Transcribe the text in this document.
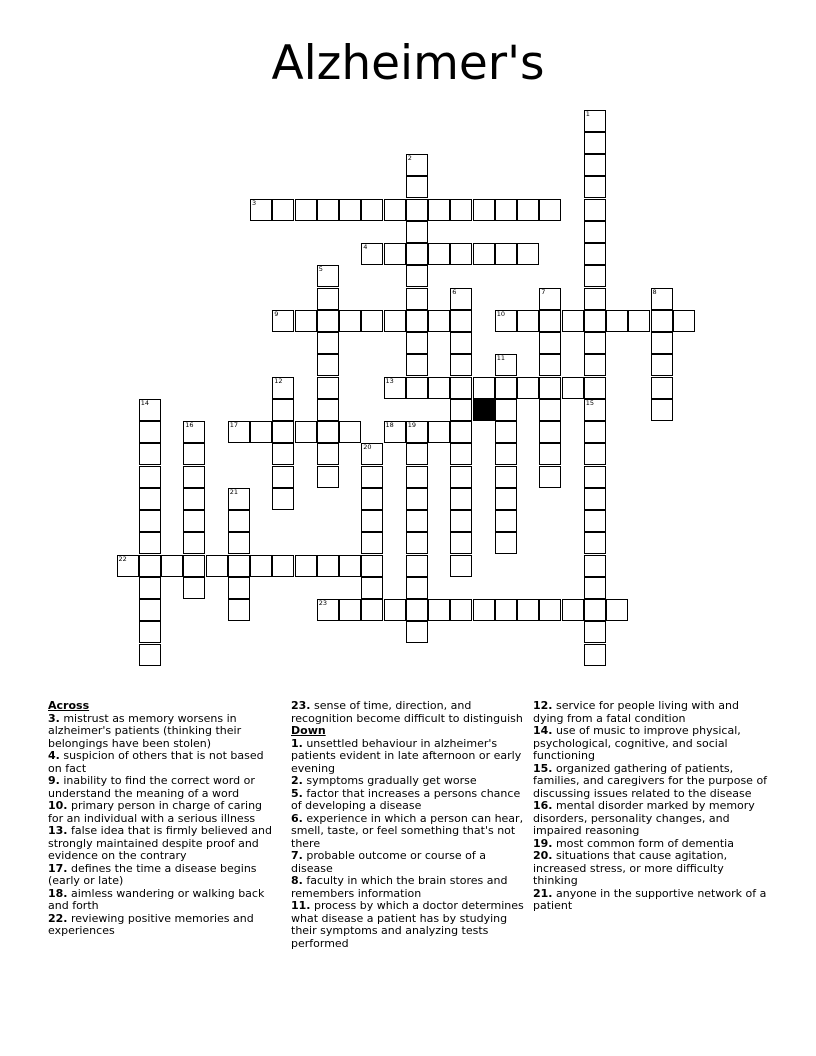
Alzheimer's
1
2
3
4
5
6	7	8
9	10
11
12	13
14	15
16	17	18 19
20
21
22
23
Across
3. mistrust as memory worsens in alzheimer's patients (thinking their belongings have been stolen)
4. suspicion of others that is not based on fact
9. inability to find the correct word or understand the meaning of a word
10. primary person in charge of caring for an individual with a serious illness
13. false idea that is firmly believed and strongly maintained despite proof and evidence on the contrary
17. defines the time a disease begins (early or late)
18. aimless wandering or walking back and forth
22. reviewing positive memories and experiences
23. sense of time, direction, and recognition become difficult to distinguish
Down
1. unsettled behaviour in alzheimer's patients evident in late afternoon or early evening
2. symptoms gradually get worse
5. factor that increases a persons chance of developing a disease
6. experience in which a person can hear, smell, taste, or feel something that's not there
7. probable outcome or course of a disease
8. faculty in which the brain stores and remembers information
11. process by which a doctor determines what disease a patient has by studying their symptoms and analyzing tests performed
12. service for people living with and dying from a fatal condition
14. use of music to improve physical, psychological, cognitive, and social functioning
15. organized gathering of patients, families, and caregivers for the purpose of discussing issues related to the disease
16. mental disorder marked by memory disorders, personality changes, and impaired reasoning
19. most common form of dementia
20. situations that cause agitation, increased stress, or more difficulty thinking
21. anyone in the supportive network of a patient
